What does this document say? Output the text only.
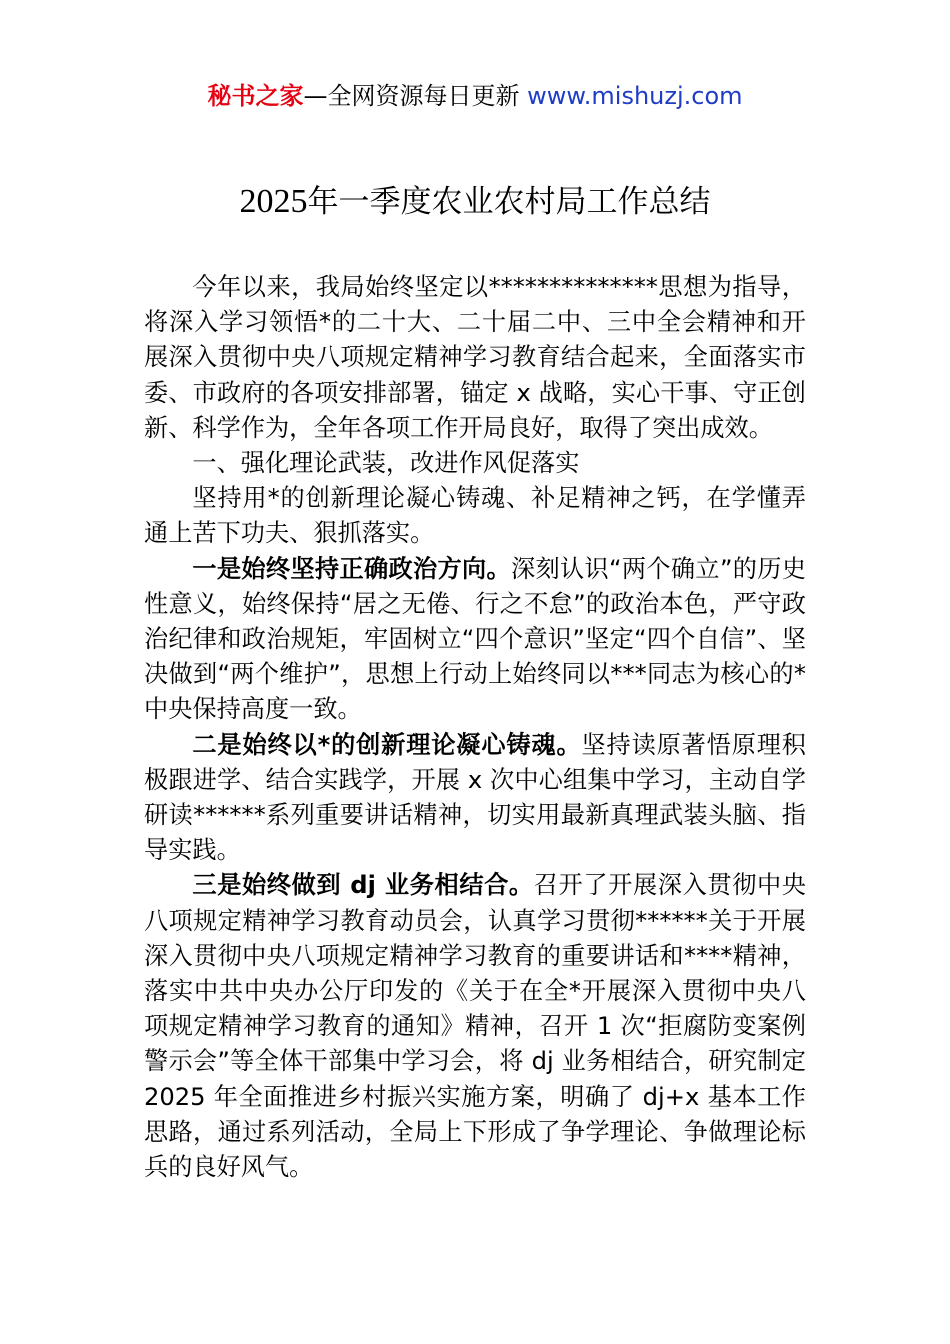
秘书之家—全网资源每日更新 www.mishuzj.com
2025年一季度农业农村局工作总结

今年以来，我局始终坚定以**************思想为指导，将深入学习领悟*的二十大、二十届二中、三中全会精神和开展深入贯彻中央八项规定精神学习教育结合起来，全面落实市委、市政府的各项安排部署，锚定 x 战略，实心干事、守正创新、科学作为，全年各项工作开局良好，取得了突出成效。

一、强化理论武装，改进作风促落实

坚持用*的创新理论凝心铸魂、补足精神之钙，在学懂弄通上苦下功夫、狠抓落实。

一是始终坚持正确政治方向。深刻认识“两个确立”的历史性意义，始终保持“居之无倦、行之不怠”的政治本色，严守政治纪律和政治规矩，牢固树立“四个意识”坚定“四个自信”、坚决做到“两个维护”，思想上行动上始终同以***同志为核心的*中央保持高度一致。

二是始终以*的创新理论凝心铸魂。坚持读原著悟原理积极跟进学、结合实践学，开展 x 次中心组集中学习，主动自学研读******系列重要讲话精神，切实用最新真理武装头脑、指导实践。

三是始终做到 dj 业务相结合。召开了开展深入贯彻中央八项规定精神学习教育动员会，认真学习贯彻******关于开展深入贯彻中央八项规定精神学习教育的重要讲话和****精神，落实中共中央办公厅印发的《关于在全*开展深入贯彻中央八项规定精神学习教育的通知》精神，召开 1 次“拒腐防变案例警示会”等全体干部集中学习会，将 dj 业务相结合，研究制定 2025 年全面推进乡村振兴实施方案，明确了 dj+x 基本工作思路，通过系列活动，全局上下形成了争学理论、争做理论标兵的良好风气。
